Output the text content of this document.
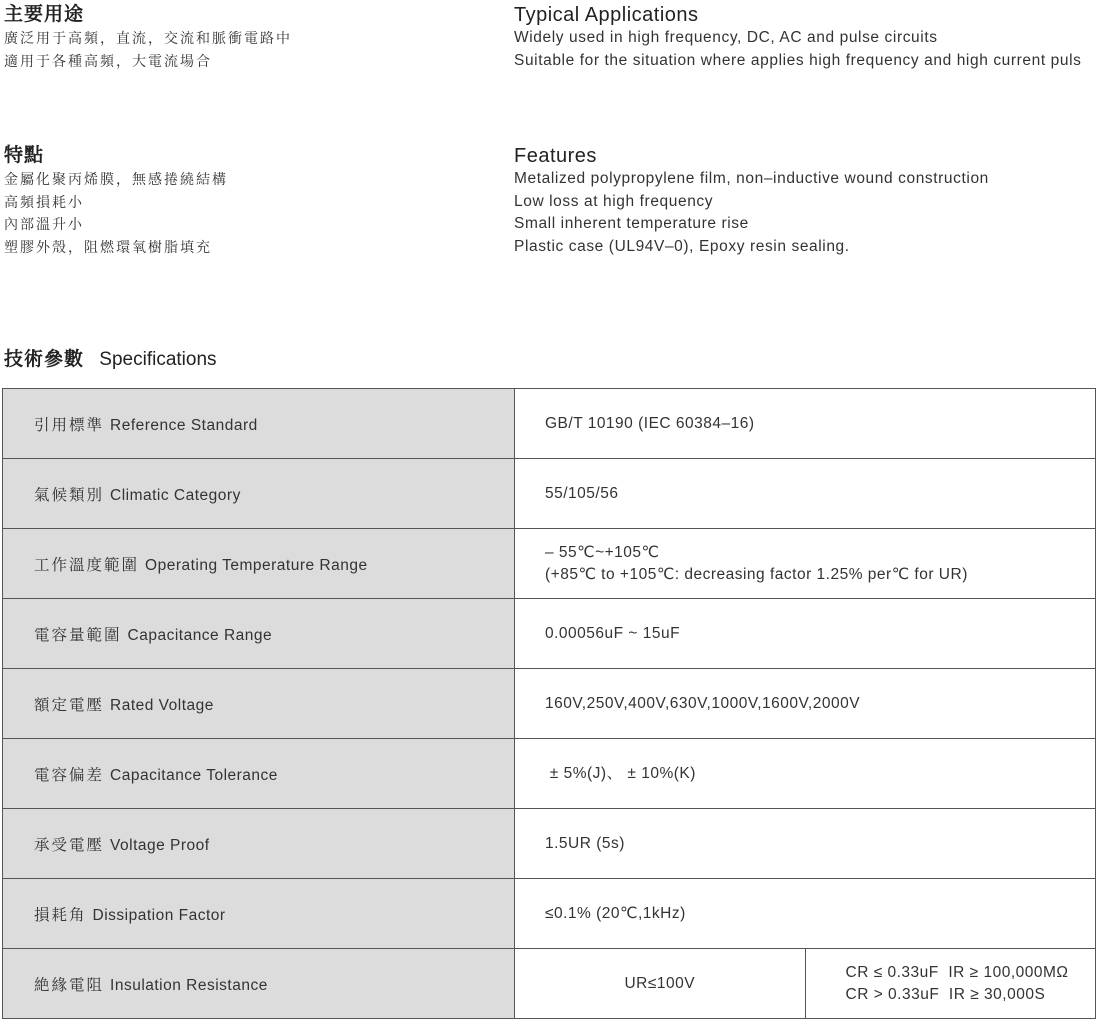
主要用途
廣泛用于高頻，直流，交流和脈衝電路中
適用于各種高頻，大電流場合
Typical Applications
Widely used in high frequency, DC, AC and pulse circuits
Suitable for the situation where applies high frequency and high current puls
特點
金屬化聚丙烯膜，無感捲繞結構
高頻損耗小
內部溫升小
塑膠外殼，阻燃環氧樹脂填充
Features
Metalized polypropylene film, non–inductive wound construction
Low loss at high frequency
Small inherent temperature rise
Plastic case (UL94V–0), Epoxy resin sealing.
技術參數 Specifications
引用標準 Reference Standard	GB/T 10190 (IEC 60384–16)	

氣候類別 Climatic Category	55/105/56	

工作溫度範圍 Operating Temperature Range	– 55℃~+105℃
(+85℃ to +105℃: decreasing factor 1.25% per℃ for UR)	

電容量範圍 Capacitance Range	0.00056uF ~ 15uF	

額定電壓 Rated Voltage	160V,250V,400V,630V,1000V,1600V,2000V	

電容偏差 Capacitance Tolerance	± 5%(J)、 ± 10%(K)	

承受電壓 Voltage Proof	1.5UR (5s)	

損耗角 Dissipation Factor	≤0.1% (20℃,1kHz)	

絶緣電阻 Insulation Resistance	UR≤100V	CR ≤ 0.33uF  IR ≥ 100,000MΩ
CR > 0.33uF  IR ≥ 30,000S
